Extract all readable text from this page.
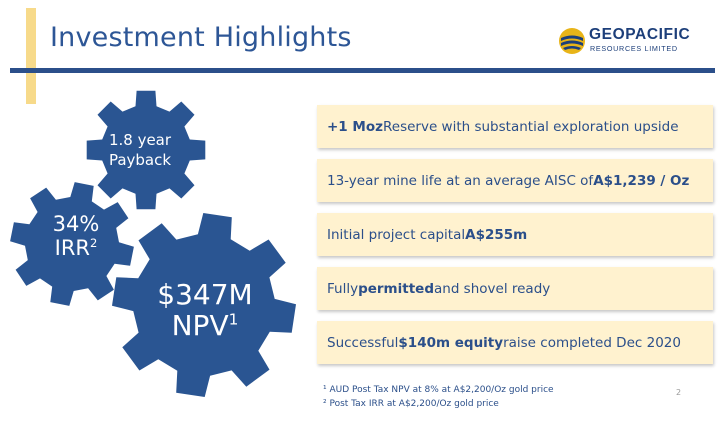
Investment Highlights	GEOPACIFIC
RESOURCES LIMITED
1.8 year
Payback
34%
IRR$^2$
$347M
$NPV^1$
+1 Moz Reserve with substantial exploration upside
13-year mine life at an average AISC of A$1,239 / Oz
Initial project capital A$255m
Fully permitted and shovel ready
Successful $140m equity raise completed Dec 2020
¹ AUD Post Tax NPV at 8% at A$2,200/Oz gold price
² Post Tax IRR at A$2,200/Oz gold price
2
